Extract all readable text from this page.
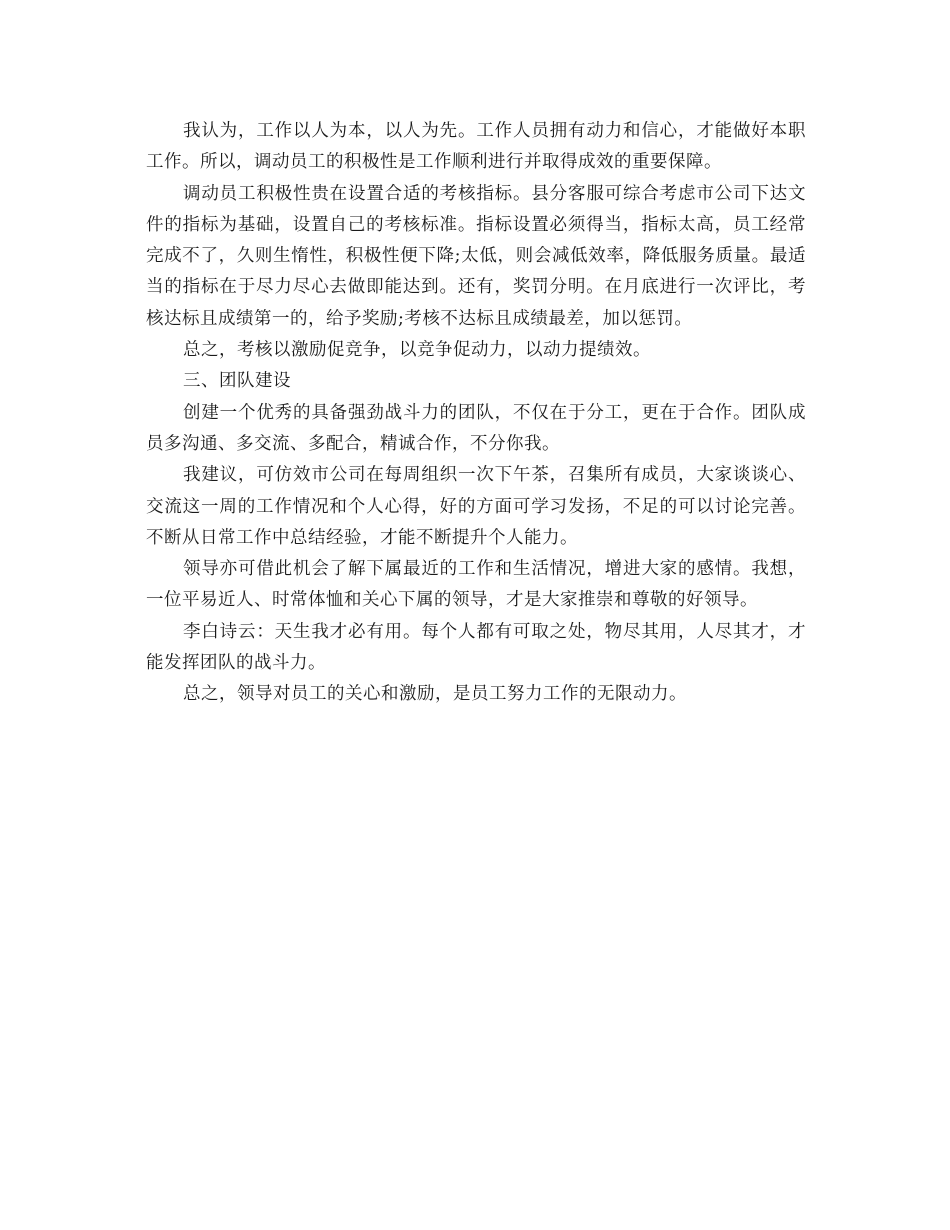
我认为，工作以人为本，以人为先。工作人员拥有动力和信心，才能做好本职工作。所以，调动员工的积极性是工作顺利进行并取得成效的重要保障。

调动员工积极性贵在设置合适的考核指标。县分客服可综合考虑市公司下达文件的指标为基础，设置自己的考核标准。指标设置必须得当，指标太高，员工经常完成不了，久则生惰性，积极性便下降;太低，则会减低效率，降低服务质量。最适当的指标在于尽力尽心去做即能达到。还有，奖罚分明。在月底进行一次评比，考核达标且成绩第一的，给予奖励;考核不达标且成绩最差，加以惩罚。

总之，考核以激励促竞争，以竞争促动力，以动力提绩效。

三、团队建设

创建一个优秀的具备强劲战斗力的团队，不仅在于分工，更在于合作。团队成员多沟通、多交流、多配合，精诚合作，不分你我。

我建议，可仿效市公司在每周组织一次下午茶，召集所有成员，大家谈谈心、交流这一周的工作情况和个人心得，好的方面可学习发扬，不足的可以讨论完善。不断从日常工作中总结经验，才能不断提升个人能力。

领导亦可借此机会了解下属最近的工作和生活情况，增进大家的感情。我想，一位平易近人、时常体恤和关心下属的领导，才是大家推崇和尊敬的好领导。

李白诗云：天生我才必有用。每个人都有可取之处，物尽其用，人尽其才，才能发挥团队的战斗力。

总之，领导对员工的关心和激励，是员工努力工作的无限动力。
